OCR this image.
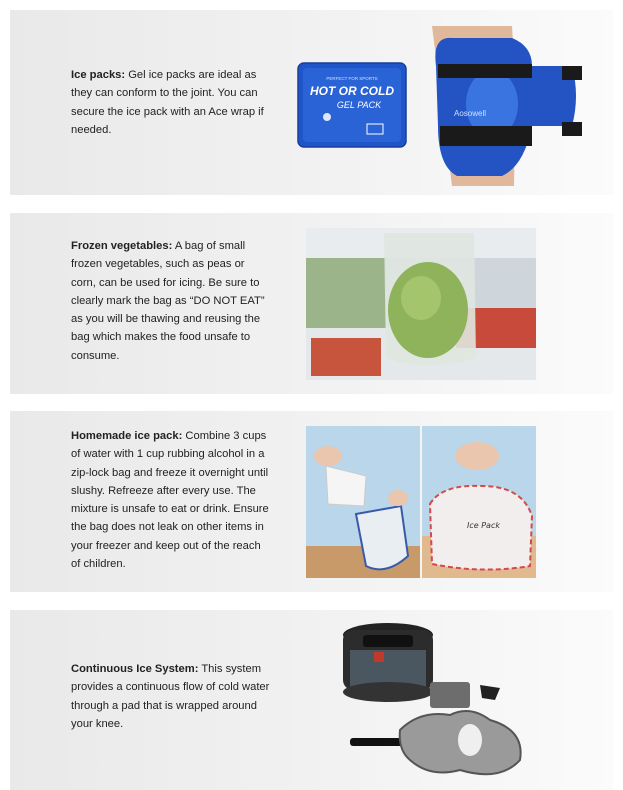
Ice packs: Gel ice packs are ideal as they can conform to the joint. You can secure the ice pack with an Ace wrap if needed.
PERFECT FOR SPORTS
HOT OR COLD
GEL PACK
Aosowell
Frozen vegetables: A bag of small frozen vegetables, such as peas or corn, can be used for icing. Be sure to clearly mark the bag as “DO NOT EAT” as you will be thawing and reusing the bag which makes the food unsafe to consume.
Homemade ice pack: Combine 3 cups of water with 1 cup rubbing alcohol in a zip-lock bag and freeze it overnight until slushy. Refreeze after every use. The mixture is unsafe to eat or drink. Ensure the bag does not leak on other items in your freezer and keep out of the reach of children.
Ice Pack
Continuous Ice System: This system provides a continuous flow of cold water through a pad that is wrapped around your knee.
